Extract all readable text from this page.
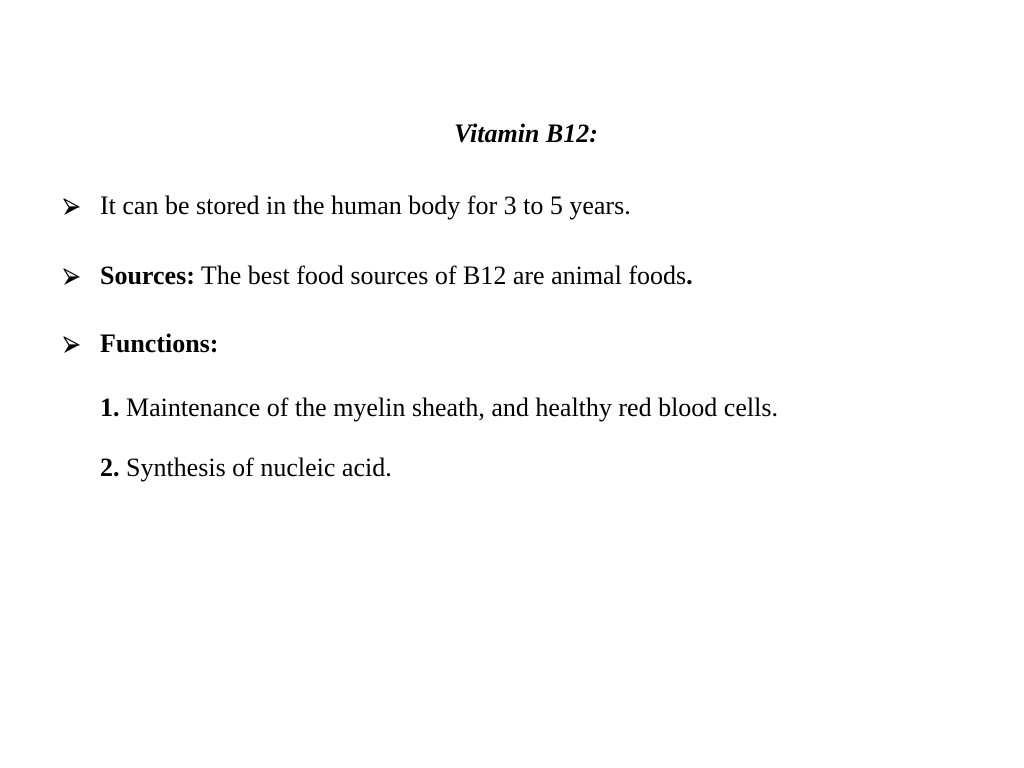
Vitamin B12:
It can be stored in the human body for 3 to 5 years.
Sources: The best food sources of B12 are animal foods.
Functions:
1. Maintenance of the myelin sheath, and healthy red blood cells.
2. Synthesis of nucleic acid.
